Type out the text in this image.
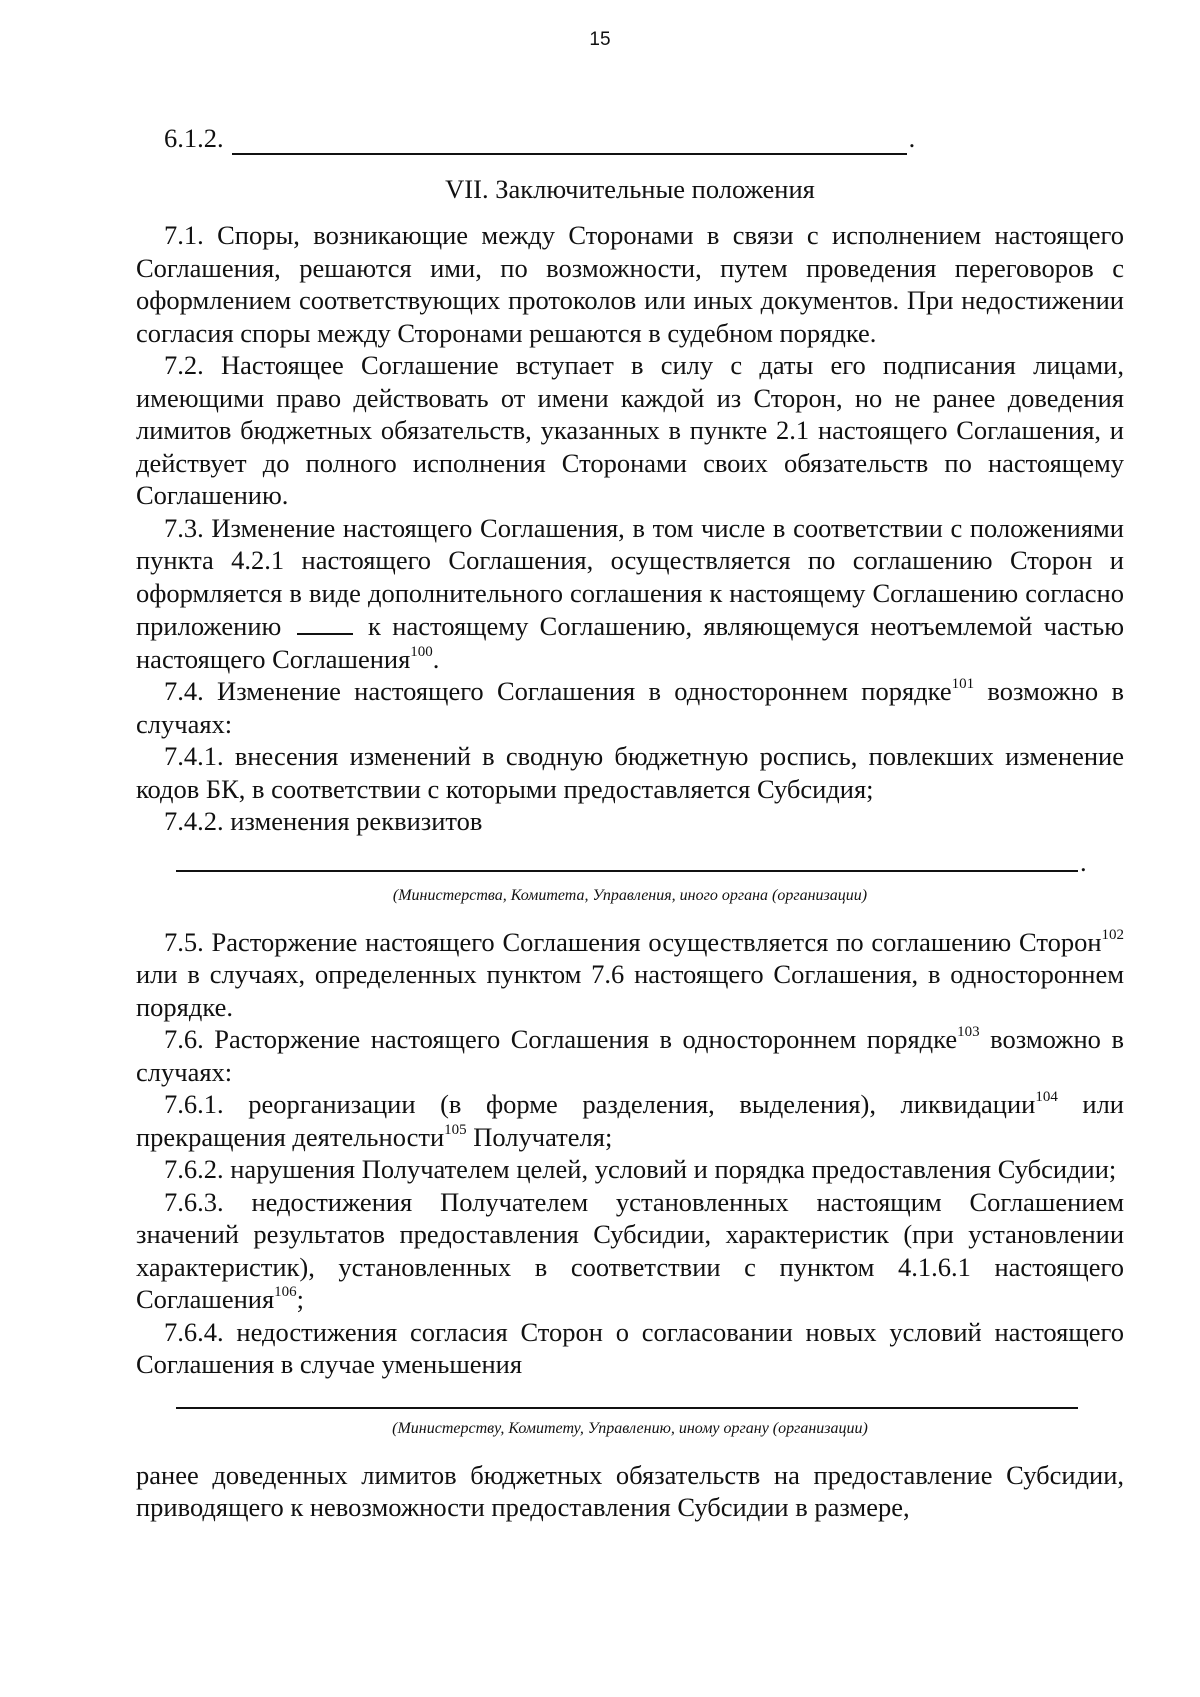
15

6.1.2.	.

VII. Заключительные положения

7.1. Споры, возникающие между Сторонами в связи с исполнением настоящего Соглашения, решаются ими, по возможности, путем проведения переговоров с оформлением соответствующих протоколов или иных документов. При недостижении согласия споры между Сторонами решаются в судебном порядке.

7.2. Настоящее Соглашение вступает в силу с даты его подписания лицами, имеющими право действовать от имени каждой из Сторон, но не ранее доведения лимитов бюджетных обязательств, указанных в пункте 2.1 настоящего Соглашения, и действует до полного исполнения Сторонами своих обязательств по настоящему Соглашению.

7.3. Изменение настоящего Соглашения, в том числе в соответствии с положениями пункта 4.2.1 настоящего Соглашения, осуществляется по соглашению Сторон и оформляется в виде дополнительного соглашения к настоящему Соглашению согласно приложению	к настоящему Соглашению, являющемуся неотъемлемой частью настоящего Соглашения$^{100}$.

7.4. Изменение настоящего Соглашения в одностороннем порядке$^{101}$ возможно в случаях:

7.4.1. внесения изменений в сводную бюджетную роспись, повлекших изменение кодов БК, в соответствии с которыми предоставляется Субсидия;

7.4.2. изменения реквизитов

.

(Министерства, Комитета, Управления, иного органа (организации)

7.5. Расторжение настоящего Соглашения осуществляется по соглашению Сторон$^{102}$ или в случаях, определенных пунктом 7.6 настоящего Соглашения, в одностороннем порядке.

7.6. Расторжение настоящего Соглашения в одностороннем порядке$^{103}$ возможно в случаях:

7.6.1. реорганизации (в форме разделения, выделения), ликвидации$^{104}$ или прекращения деятельности$^{105}$ Получателя;

7.6.2. нарушения Получателем целей, условий и порядка предоставления Субсидии;

7.6.3. недостижения Получателем установленных настоящим Соглашением значений результатов предоставления Субсидии, характеристик (при установлении характеристик), установленных в соответствии с пунктом 4.1.6.1 настоящего Соглашения$^{106}$;

7.6.4. недостижения согласия Сторон о согласовании новых условий настоящего Соглашения в случае уменьшения

(Министерству, Комитету, Управлению, иному органу (организации)

ранее доведенных лимитов бюджетных обязательств на предоставление Субсидии, приводящего к невозможности предоставления Субсидии в размере,
